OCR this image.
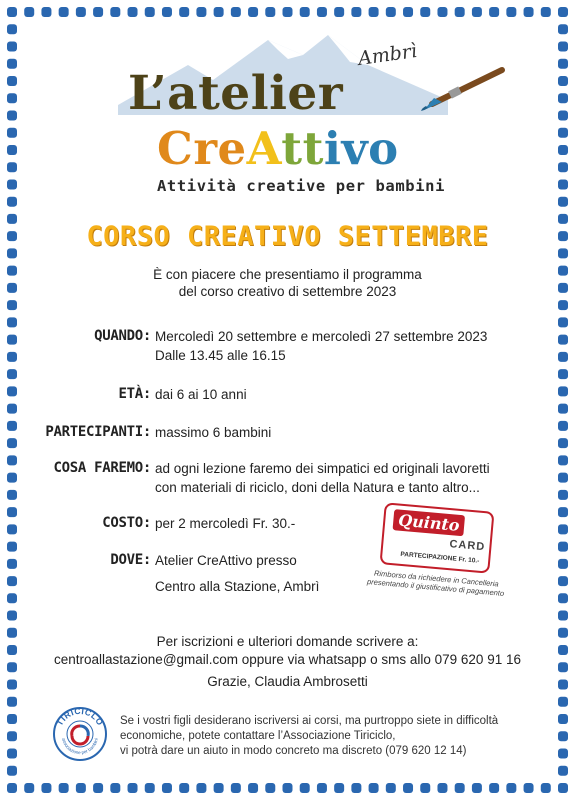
L’atelier
CreAttivo
Attività creative per bambini
Ambrì
CORSO CREATIVO SETTEMBRE
È con piacere che presentiamo il programma
del corso creativo di settembre 2023
QUANDO: Mercoledì 20 settembre e mercoledì 27 settembre 2023
Dalle 13.45 alle 16.15
ETÀ: dai 6 ai 10 anni
PARTECIPANTI: massimo 6 bambini
COSA FAREMO: ad ogni lezione faremo dei simpatici ed originali lavoretti
con materiali di riciclo, doni della Natura e tanto altro...
COSTO: per 2 mercoledì Fr. 30.-
DOVE: Atelier CreAttivo presso
Centro alla Stazione, Ambrì
Quinto
CARD
PARTECIPAZIONE Fr. 10.-
Rimborso da richiedere in Cancelleria presentando il giustificativo di pagamento
Per iscrizioni e ulteriori domande scrivere a:
centroallastazione@gmail.com oppure via whatsapp o sms allo 079 620 91 16
Grazie, Claudia Ambrosetti
TIRICICLO
associazione per bambini
Se i vostri figli desiderano iscriversi ai corsi, ma purtroppo siete in difficoltà
economiche, potete contattare l’Associazione Tiriciclo,
vi potrà dare un aiuto in modo concreto ma discreto (079 620 12 14)
